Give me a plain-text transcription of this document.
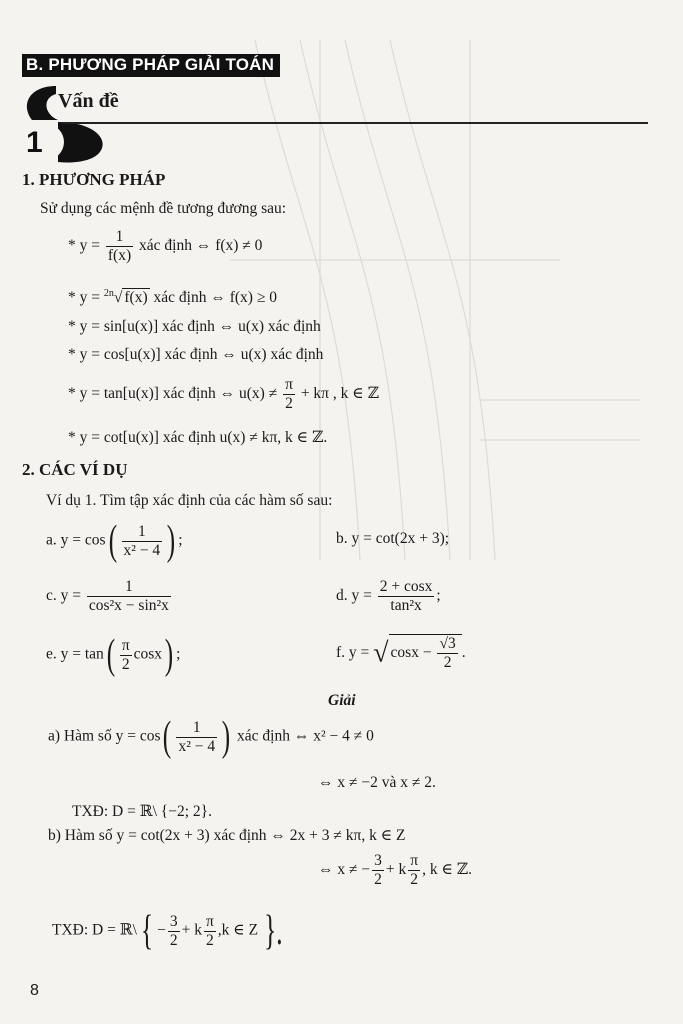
B. PHƯƠNG PHÁP GIẢI TOÁN
Vấn đề
1
1. PHƯƠNG PHÁP
Sử dụng các mệnh đề tương đương sau:
* $y = \frac{1}{f(x)}$ xác định ⇔ f(x) ≠ 0
* y = $^{2n}$√ f(x) xác định ⇔ f(x) ≥ 0
* y = sin[u(x)] xác định ⇔ u(x) xác định
* y = cos[u(x)] xác định ⇔ u(x) xác định
* y = tan[u(x)] xác định ⇔ $u(x) \ne \frac{\pi}{2} + k\pi$ , k ∈ ℤ
* y = cot[u(x)] xác định u(x) ≠ kπ, k ∈ ℤ.
2. CÁC VÍ DỤ
Ví dụ 1. Tìm tập xác định của các hàm số sau:
a. $y = \cos( \frac{1}{\text{x² − 4}}$ ) ;	b. y = cot(2x + 3);
c. $y = \frac{1}{\text{cos²x − sin²x}}$	d. $y = \frac{2 + \cos x}{\text{tan²x}}$ ;
e. $y = \tan( \frac{\pi}{2} \cos x)$ ;	f. y = √ $\cos x - \frac{√3}{2}$ .
Giải
a) Hàm số $y = \cos( \frac{1}{\text{x² − 4}}$ ) xác định ⇔ x² − 4 ≠ 0
⇔ x ≠ −2 và x ≠ 2.
TXĐ: D = ℝ\ {−2; 2}.
b) Hàm số y = cot(2x + 3) xác định ⇔ 2x + 3 ≠ kπ, k ∈ Z
⇔ x ≠ − $\frac{3}{2} + k \frac{\pi}{2}$ , k ∈ ℤ.
TXĐ: D = ℝ\{ − $\frac{3}{2} + k \frac{\pi}{2} ,k$ ∈ Z }.
8
